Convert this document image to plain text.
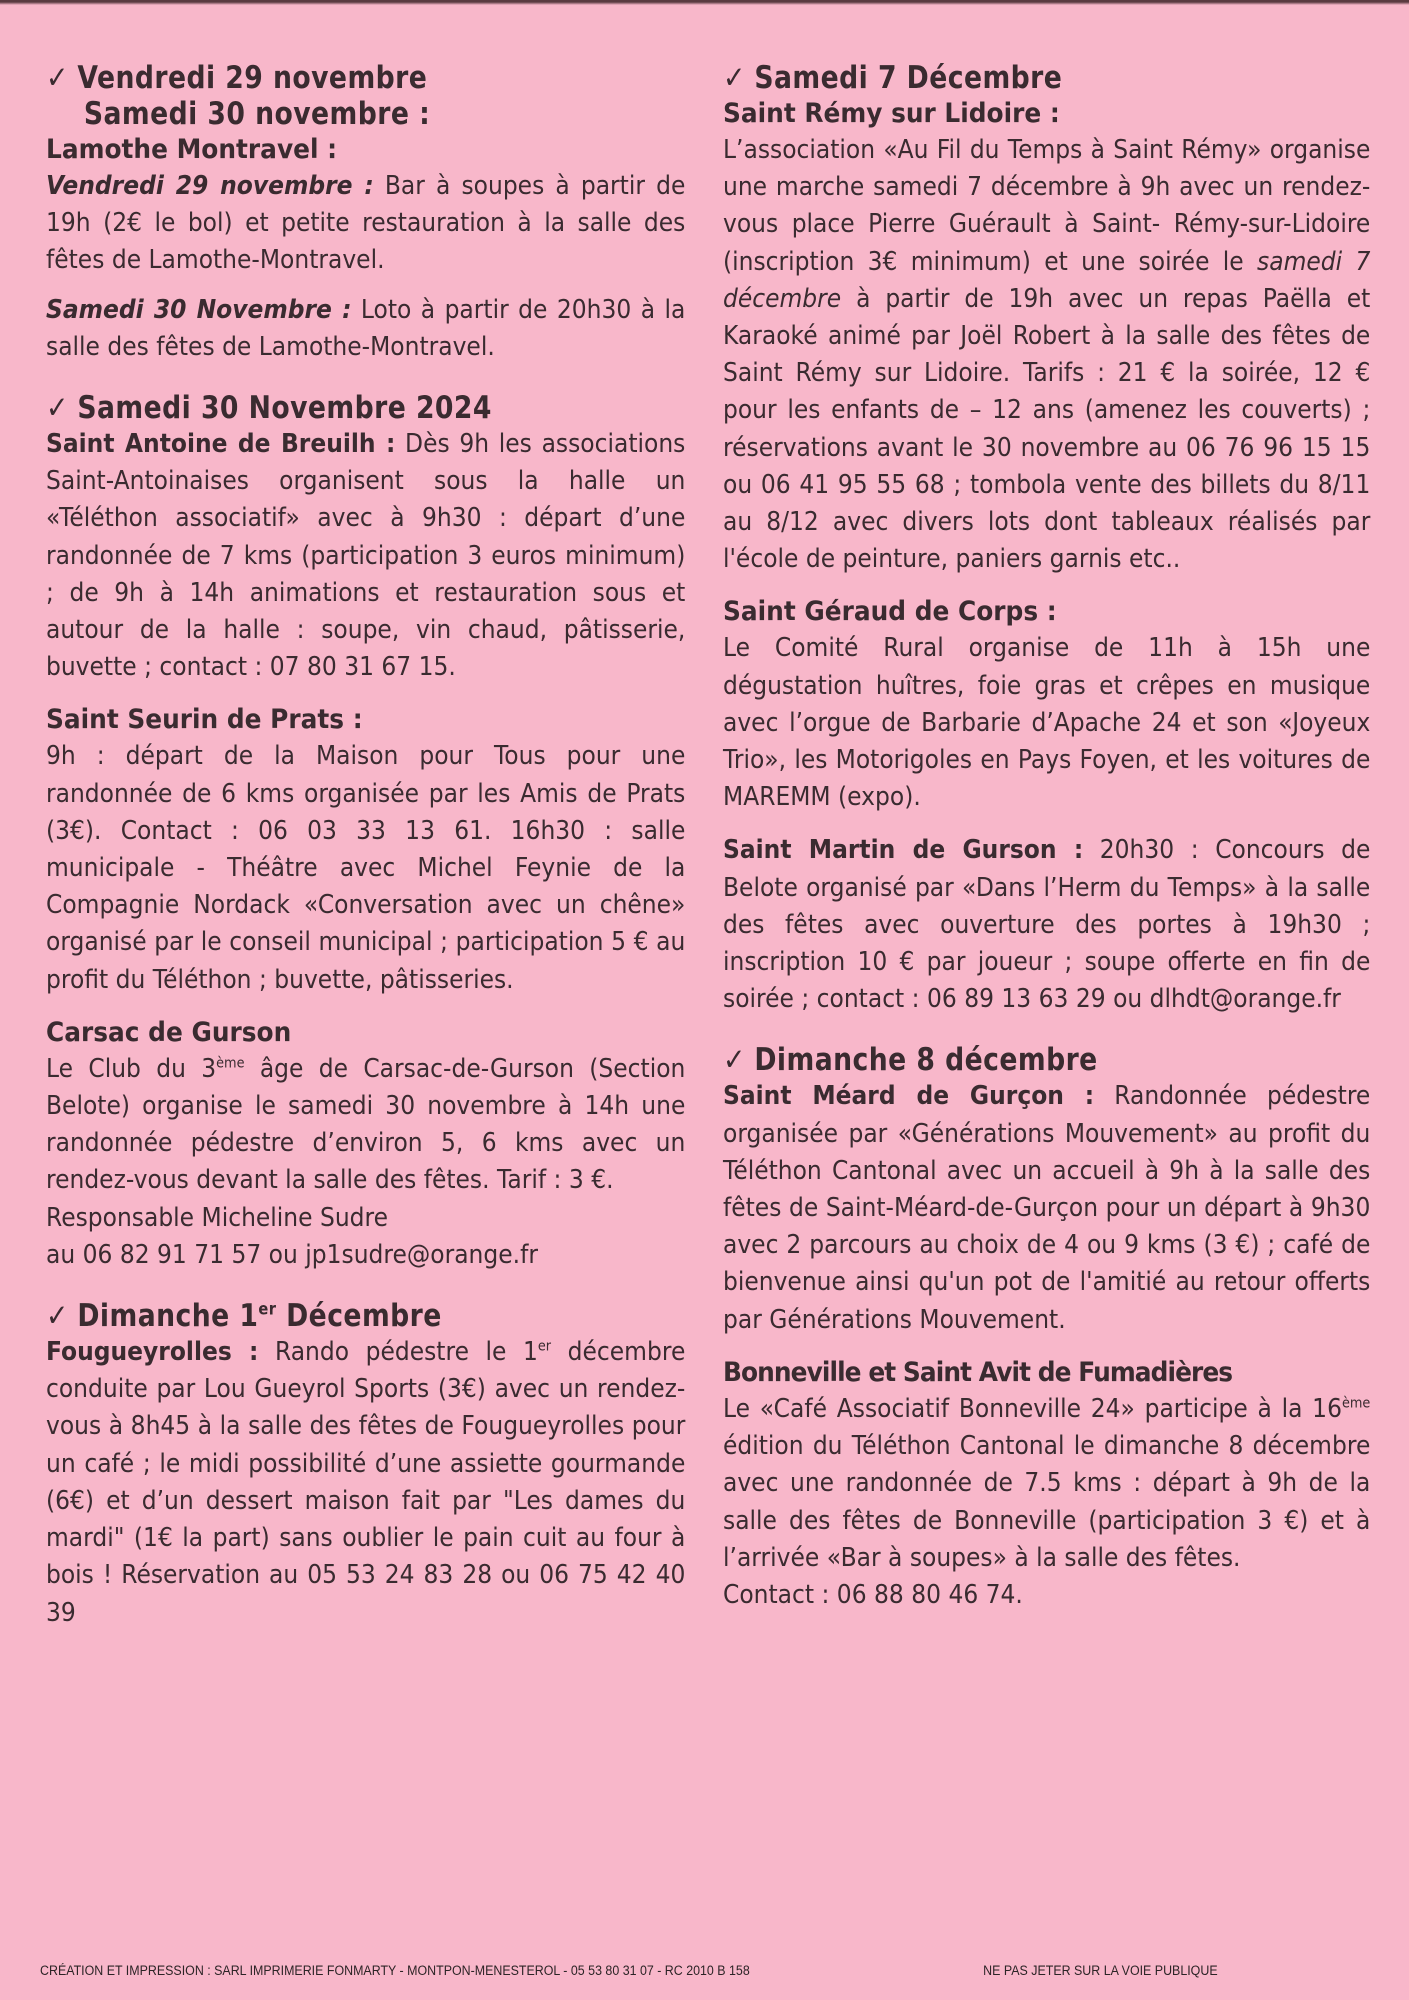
✓ Vendredi 29 novembre
Samedi 30 novembre :
Lamothe Montravel :
Vendredi 29 novembre : Bar à soupes à partir de 19h (2€ le bol) et petite restauration à la salle des fêtes de Lamothe-Montravel.
Samedi 30 Novembre : Loto à partir de 20h30 à la salle des fêtes de Lamothe-Montravel.
✓ Samedi 30 Novembre 2024
Saint Antoine de Breuilh : Dès 9h les associations Saint-Antoinaises organisent sous la halle un «Téléthon associatif» avec à 9h30 : départ d’une randonnée de 7 kms (participation 3 euros minimum) ; de 9h à 14h animations et restauration sous et autour de la halle : soupe, vin chaud, pâtisserie, buvette ; contact : 07 80 31 67 15.
Saint Seurin de Prats :
9h : départ de la Maison pour Tous pour une randonnée de 6 kms organisée par les Amis de Prats (3€). Contact : 06 03 33 13 61. 16h30 : salle municipale - Théâtre avec Michel Feynie de la Compagnie Nordack «Conversation avec un chêne» organisé par le conseil municipal ; participation 5 € au profit du Téléthon ; buvette, pâtisseries.
Carsac de Gurson
Le Club du 3ème âge de Carsac-de-Gurson (Section Belote) organise le samedi 30 novembre à 14h une randonnée pédestre d’environ 5, 6 kms avec un rendez-vous devant la salle des fêtes. Tarif : 3 €.
Responsable Micheline Sudre
au 06 82 91 71 57 ou jp1sudre@orange.fr
✓ Dimanche 1er Décembre
Fougueyrolles : Rando pédestre le 1er décembre conduite par Lou Gueyrol Sports (3€) avec un rendez- vous à 8h45 à la salle des fêtes de Fougueyrolles pour un café ; le midi possibilité d’une assiette gourmande (6€) et d’un dessert maison fait par "Les dames du mardi" (1€ la part) sans oublier le pain cuit au four à bois ! Réservation au 05 53 24 83 28 ou 06 75 42 40 39
✓ Samedi 7 Décembre
Saint Rémy sur Lidoire :
L’association «Au Fil du Temps à Saint Rémy» organise une marche samedi 7 décembre à 9h avec un rendez-vous place Pierre Guérault à Saint- Rémy-sur-Lidoire (inscription 3€ minimum) et une soirée le samedi 7 décembre à partir de 19h avec un repas Paëlla et Karaoké animé par Joël Robert à la salle des fêtes de Saint Rémy sur Lidoire. Tarifs : 21 € la soirée, 12 € pour les enfants de – 12 ans (amenez les couverts) ; réservations avant le 30 novembre au 06 76 96 15 15 ou 06 41 95 55 68 ; tombola vente des billets du 8/11 au 8/12 avec divers lots dont tableaux réalisés par l'école de peinture, paniers garnis etc..
Saint Géraud de Corps :
Le Comité Rural organise de 11h à 15h une dégustation huîtres, foie gras et crêpes en musique avec l’orgue de Barbarie d’Apache 24 et son «Joyeux Trio», les Motorigoles en Pays Foyen, et les voitures de MAREMM (expo).
Saint Martin de Gurson : 20h30 : Concours de Belote organisé par «Dans l’Herm du Temps» à la salle des fêtes avec ouverture des portes à 19h30 ; inscription 10 € par joueur ; soupe offerte en fin de soirée ; contact : 06 89 13 63 29 ou dlhdt@orange.fr
✓ Dimanche 8 décembre
Saint Méard de Gurçon : Randonnée pédestre organisée par «Générations Mouvement» au profit du Téléthon Cantonal avec un accueil à 9h à la salle des fêtes de Saint-Méard-de-Gurçon pour un départ à 9h30 avec 2 parcours au choix de 4 ou 9 kms (3 €) ; café de bienvenue ainsi qu'un pot de l'amitié au retour offerts par Générations Mouvement.
Bonneville et Saint Avit de Fumadières
Le «Café Associatif Bonneville 24» participe à la 16ème édition du Téléthon Cantonal le dimanche 8 décembre avec une randonnée de 7.5 kms : départ à 9h de la salle des fêtes de Bonneville (participation 3 €) et à l’arrivée «Bar à soupes» à la salle des fêtes.
Contact : 06 88 80 46 74.
CRÉATION ET IMPRESSION : SARL IMPRIMERIE FONMARTY - MONTPON-MENESTEROL - 05 53 80 31 07 - RC 2010 B 158	NE PAS JETER SUR LA VOIE PUBLIQUE
